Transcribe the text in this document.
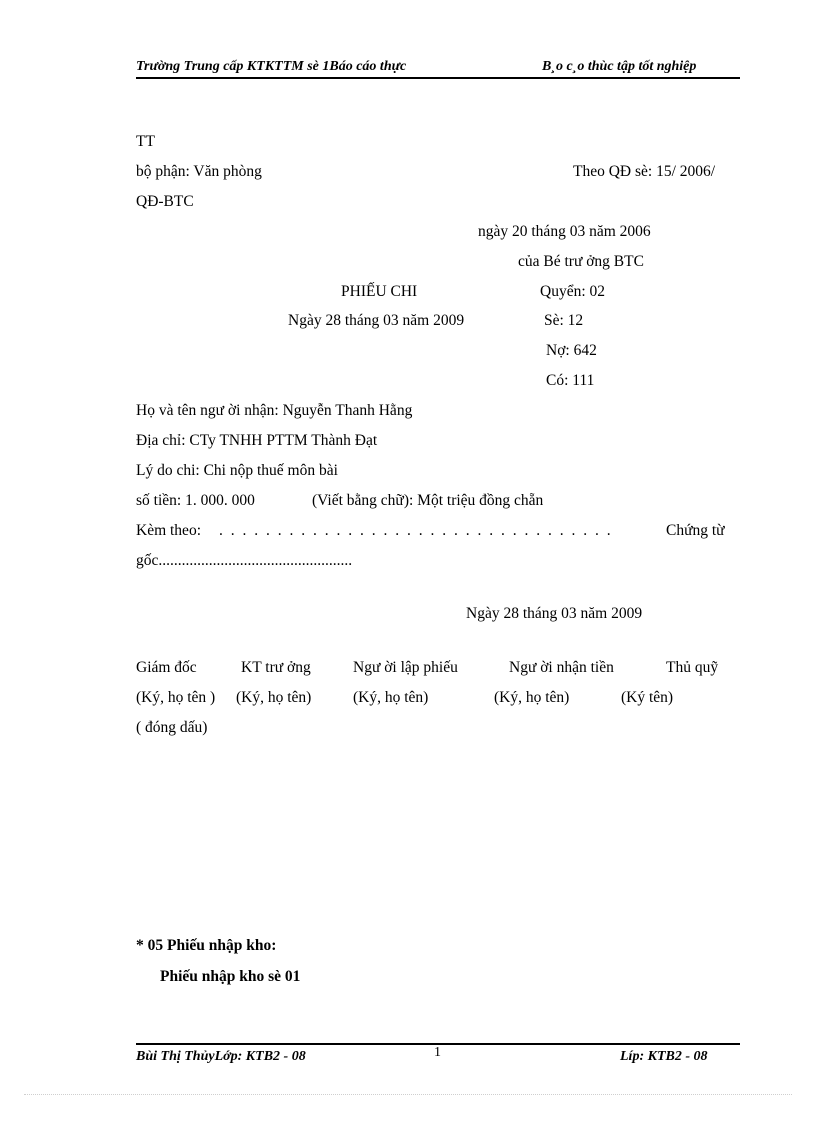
Trường Trung cấp KTKTTM sè 1Báo cáo thực	B¸o c¸o thùc tập tốt nghiệp
TT
bộ phận: Văn phòng	Theo QĐ sè: 15/ 2006/
QĐ-BTC
ngày 20 tháng 03 năm 2006
của Bé trư ởng BTC
PHIẾU CHI	Quyển: 02
Ngày 28 tháng 03 năm 2009	Sè: 12
Nợ: 642
Có: 111
Họ và tên ngư ời nhận: Nguyễn Thanh Hằng
Địa chỉ: CTy TNHH PTTM Thành Đạt
Lý do chi: Chi nộp thuế môn bài
số tiền: 1. 000. 000	(Viết bằng chữ): Một triệu đồng chẵn
Kèm theo: . . . . . . . . . . . . . . . . . . . . . . . . . . . . . . . . . .	Chứng từ
gốc..................................................
Ngày 28 tháng 03 năm 2009
Giám đốc	KT trư ởng	Ngư ời lập phiếu	Ngư ời nhận tiền	Thủ quỹ
(Ký, họ tên ) (Ký, họ tên)	(Ký, họ tên)	(Ký, họ tên)	(Ký tên)
( đóng dấu)
* 05 Phiếu nhập kho:
Phiếu nhập kho sè 01
Bùi Thị ThủyLớp: KTB2 - 08	1	Líp: KTB2 - 08
